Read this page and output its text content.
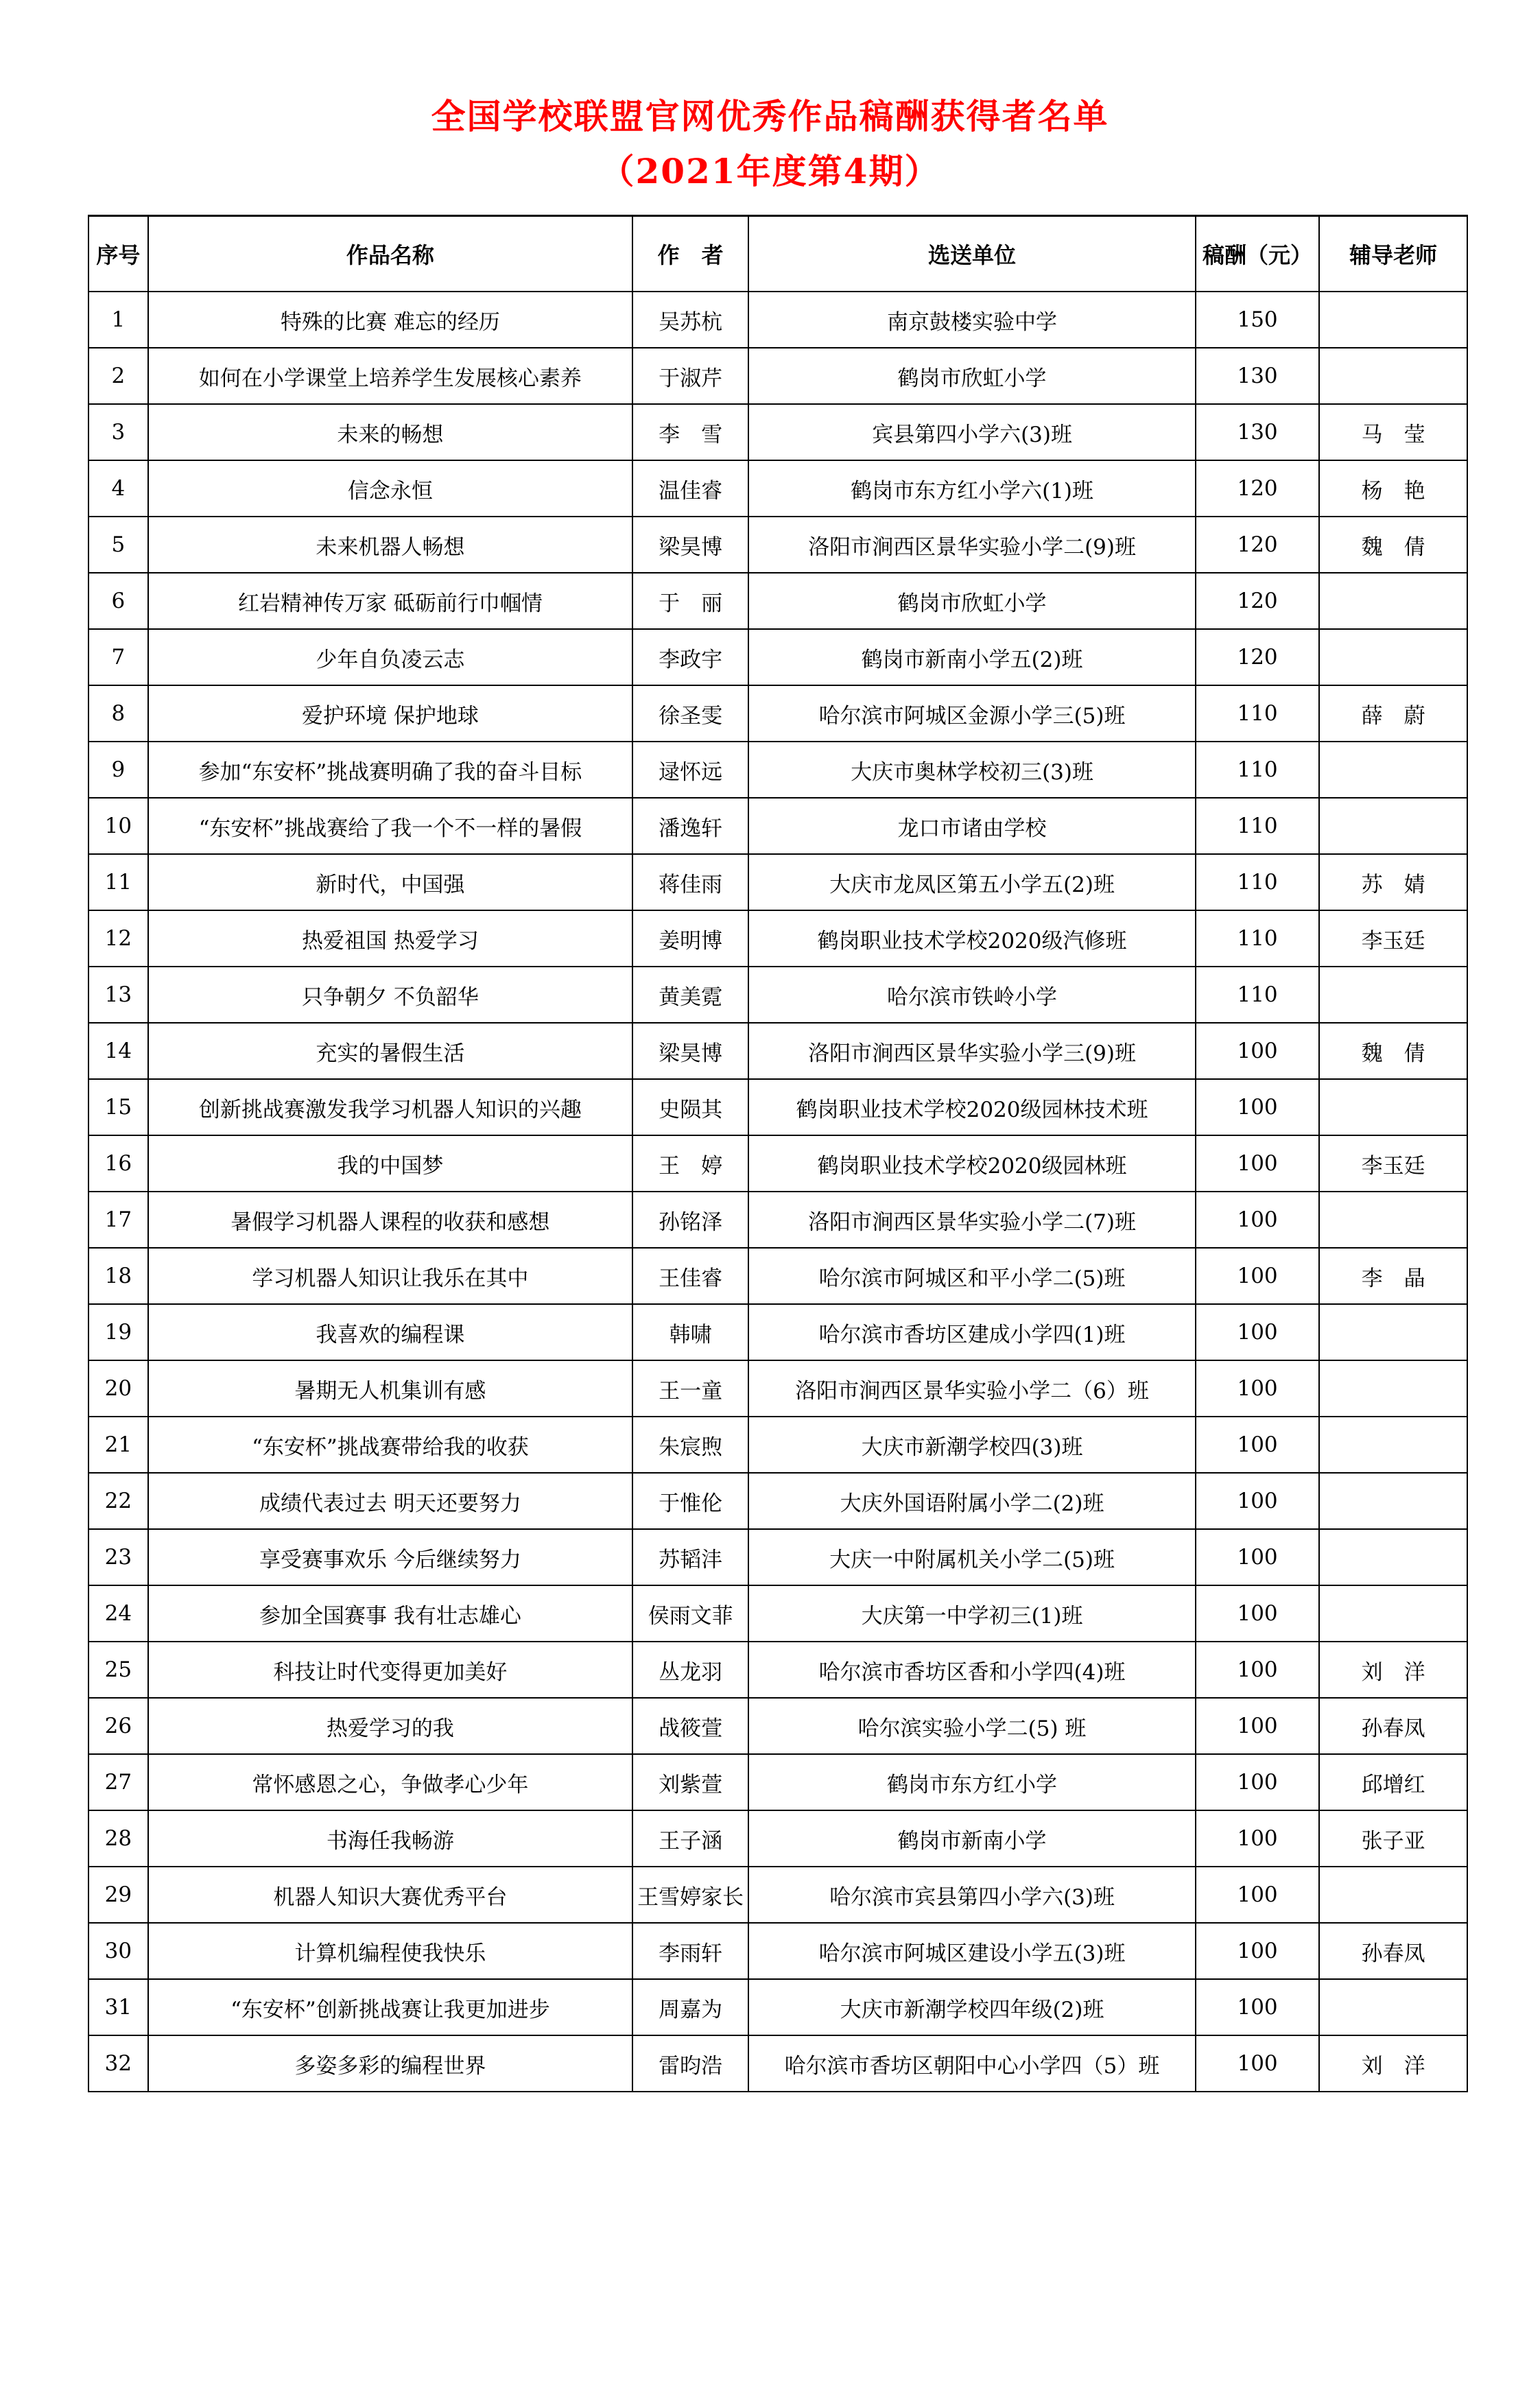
全国学校联盟官网优秀作品稿酬获得者名单
（2021年度第4期）
序号	作品名称	作　者	选送单位	稿酬（元）	辅导老师
1	特殊的比赛 难忘的经历	吴苏杭	南京鼓楼实验中学	150	
2	如何在小学课堂上培养学生发展核心素养	于淑芹	鹤岗市欣虹小学	130	
3	未来的畅想	李　雪	宾县第四小学六(3)班	130	马　莹
4	信念永恒	温佳睿	鹤岗市东方红小学六(1)班	120	杨　艳
5	未来机器人畅想	梁昊博	洛阳市涧西区景华实验小学二(9)班	120	魏　倩
6	红岩精神传万家 砥砺前行巾帼情	于　丽	鹤岗市欣虹小学	120	
7	少年自负凌云志	李政宇	鹤岗市新南小学五(2)班	120	
8	爱护环境 保护地球	徐圣雯	哈尔滨市阿城区金源小学三(5)班	110	薛　蔚
9	参加“东安杯”挑战赛明确了我的奋斗目标	逯怀远	大庆市奥林学校初三(3)班	110	
10	“东安杯”挑战赛给了我一个不一样的暑假	潘逸轩	龙口市诸由学校	110	
11	新时代，中国强	蒋佳雨	大庆市龙凤区第五小学五(2)班	110	苏　婧
12	热爱祖国 热爱学习	姜明博	鹤岗职业技术学校2020级汽修班	110	李玉廷
13	只争朝夕 不负韶华	黄美霓	哈尔滨市铁岭小学	110	
14	充实的暑假生活	梁昊博	洛阳市涧西区景华实验小学三(9)班	100	魏　倩
15	创新挑战赛激发我学习机器人知识的兴趣	史陨其	鹤岗职业技术学校2020级园林技术班	100	
16	我的中国梦	王　婷	鹤岗职业技术学校2020级园林班	100	李玉廷
17	暑假学习机器人课程的收获和感想	孙铭泽	洛阳市涧西区景华实验小学二(7)班	100	
18	学习机器人知识让我乐在其中	王佳睿	哈尔滨市阿城区和平小学二(5)班	100	李　晶
19	我喜欢的编程课	韩啸	哈尔滨市香坊区建成小学四(1)班	100	
20	暑期无人机集训有感	王一童	洛阳市涧西区景华实验小学二（6）班	100	
21	“东安杯”挑战赛带给我的收获	朱宸煦	大庆市新潮学校四(3)班	100	
22	成绩代表过去 明天还要努力	于惟伦	大庆外国语附属小学二(2)班	100	
23	享受赛事欢乐 今后继续努力	苏韬沣	大庆一中附属机关小学二(5)班	100	
24	参加全国赛事 我有壮志雄心	侯雨文菲	大庆第一中学初三(1)班	100	
25	科技让时代变得更加美好	丛龙羽	哈尔滨市香坊区香和小学四(4)班	100	刘　洋
26	热爱学习的我	战筱萱	哈尔滨实验小学二(5) 班	100	孙春凤
27	常怀感恩之心，争做孝心少年	刘紫萱	鹤岗市东方红小学	100	邱增红
28	书海任我畅游	王子涵	鹤岗市新南小学	100	张子亚
29	机器人知识大赛优秀平台	王雪婷家长	哈尔滨市宾县第四小学六(3)班	100	
30	计算机编程使我快乐	李雨轩	哈尔滨市阿城区建设小学五(3)班	100	孙春凤
31	“东安杯”创新挑战赛让我更加进步	周嘉为	大庆市新潮学校四年级(2)班	100	
32	多姿多彩的编程世界	雷昀浩	哈尔滨市香坊区朝阳中心小学四（5）班	100	刘　洋
